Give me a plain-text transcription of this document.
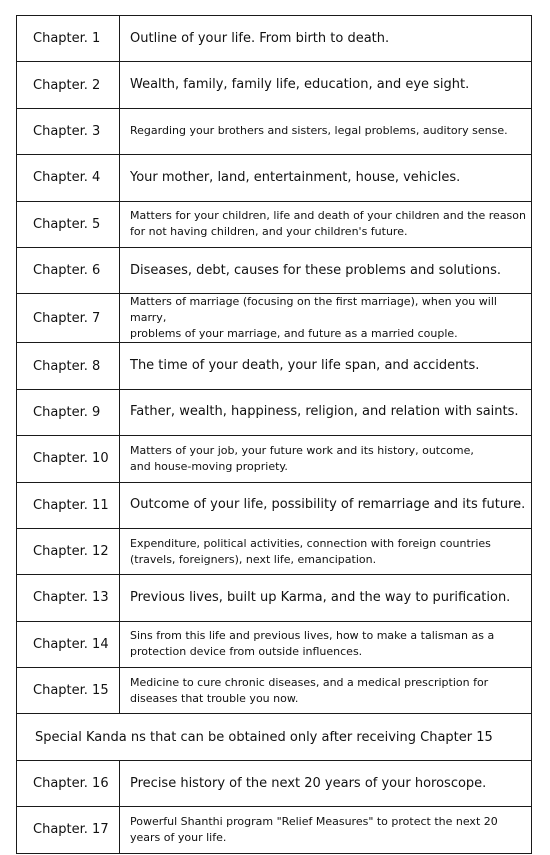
Chapter. 1	Outline of your life. From birth to death.

Chapter. 2	Wealth, family, family life, education, and eye sight.

Chapter. 3	Regarding your brothers and sisters, legal problems, auditory sense.

Chapter. 4	Your mother, land, entertainment, house, vehicles.

Chapter. 5	Matters for your children, life and death of your children and the reason
for not having children, and your children's future.

Chapter. 6	Diseases, debt, causes for these problems and solutions.

Chapter. 7	Matters of marriage (focusing on the first marriage), when you will marry,
problems of your marriage, and future as a married couple.

Chapter. 8	The time of your death, your life span, and accidents.

Chapter. 9	Father, wealth, happiness, religion, and relation with saints.

Chapter. 10	Matters of your job, your future work and its history, outcome,
and house-moving propriety.

Chapter. 11	Outcome of your life, possibility of remarriage and its future.

Chapter. 12	Expenditure, political activities, connection with foreign countries
(travels, foreigners), next life, emancipation.

Chapter. 13	Previous lives, built up Karma, and the way to purification.

Chapter. 14	Sins from this life and previous lives, how to make a talisman as a
protection device from outside influences.

Chapter. 15	Medicine to cure chronic diseases, and a medical prescription for
diseases that trouble you now.

Special Kanda ns that can be obtained only after receiving Chapter 15	
Chapter. 16	Precise history of the next 20 years of your horoscope.

Chapter. 17	Powerful Shanthi program "Relief Measures" to protect the next 20
years of your life.
